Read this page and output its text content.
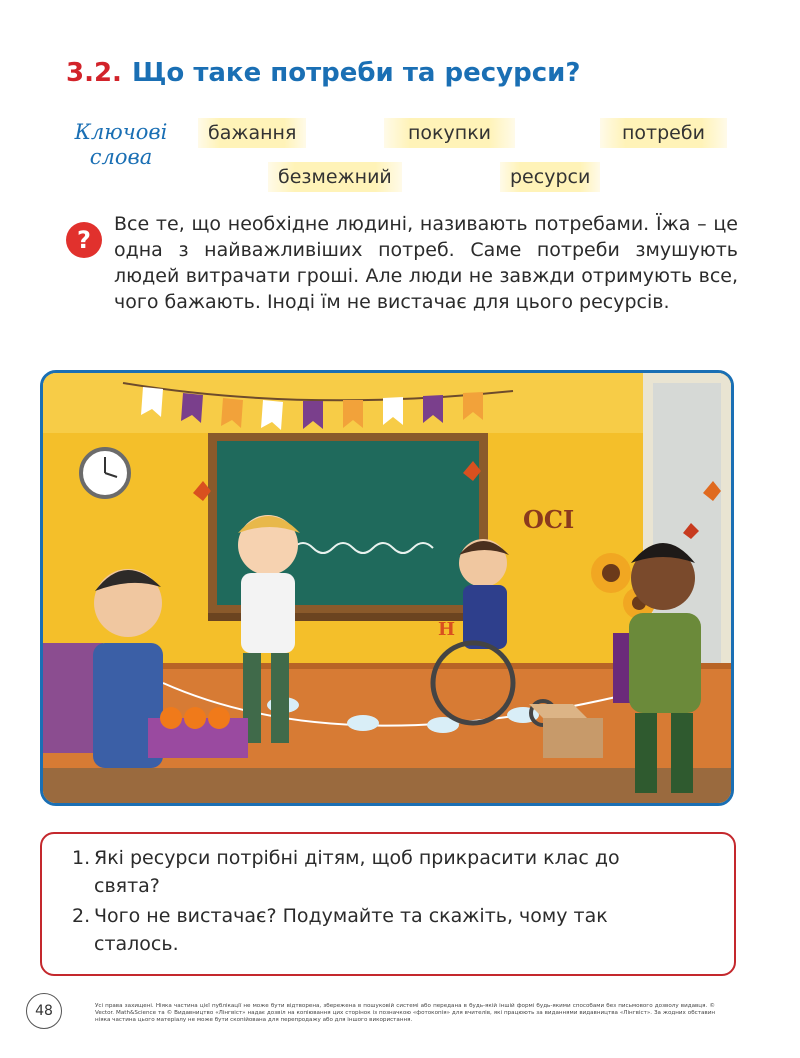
3.2. Що таке потреби та ресурси?
Ключові слова
бажання	покупки	потреби
безмежний	ресурси
?

Все те, що необхідне людині, називають потребами. Їжа – це одна з найважливіших потреб. Саме потреби змушують людей витрачати гроші. Але люди не завжди отримують все, чого бажають. Іноді їм не вистачає для цього ресурсів.

ОСІ
Н
1. Які ресурси потрібні дітям, щоб прикрасити клас до свята?
2. Чого не вистачає? Подумайте та скажіть, чому так сталось.
48	Усі права захищені. Ніяка частина цієї публікації не може бути відтворена, збережена в пошуковій системі або передана в будь-якій іншій формі будь-якими способами без письмового дозволу видавця. © Vector. Math&Science та © Видавництво «Лінгвіст» надає дозвіл на копіювання цих сторінок із позначкою «фотокопія» для вчителів, які працюють за виданнями видавництва «Лінгвіст». За жодних обставин ніяка частина цього матеріалу не може бути скопійована для перепродажу або для іншого використання.
